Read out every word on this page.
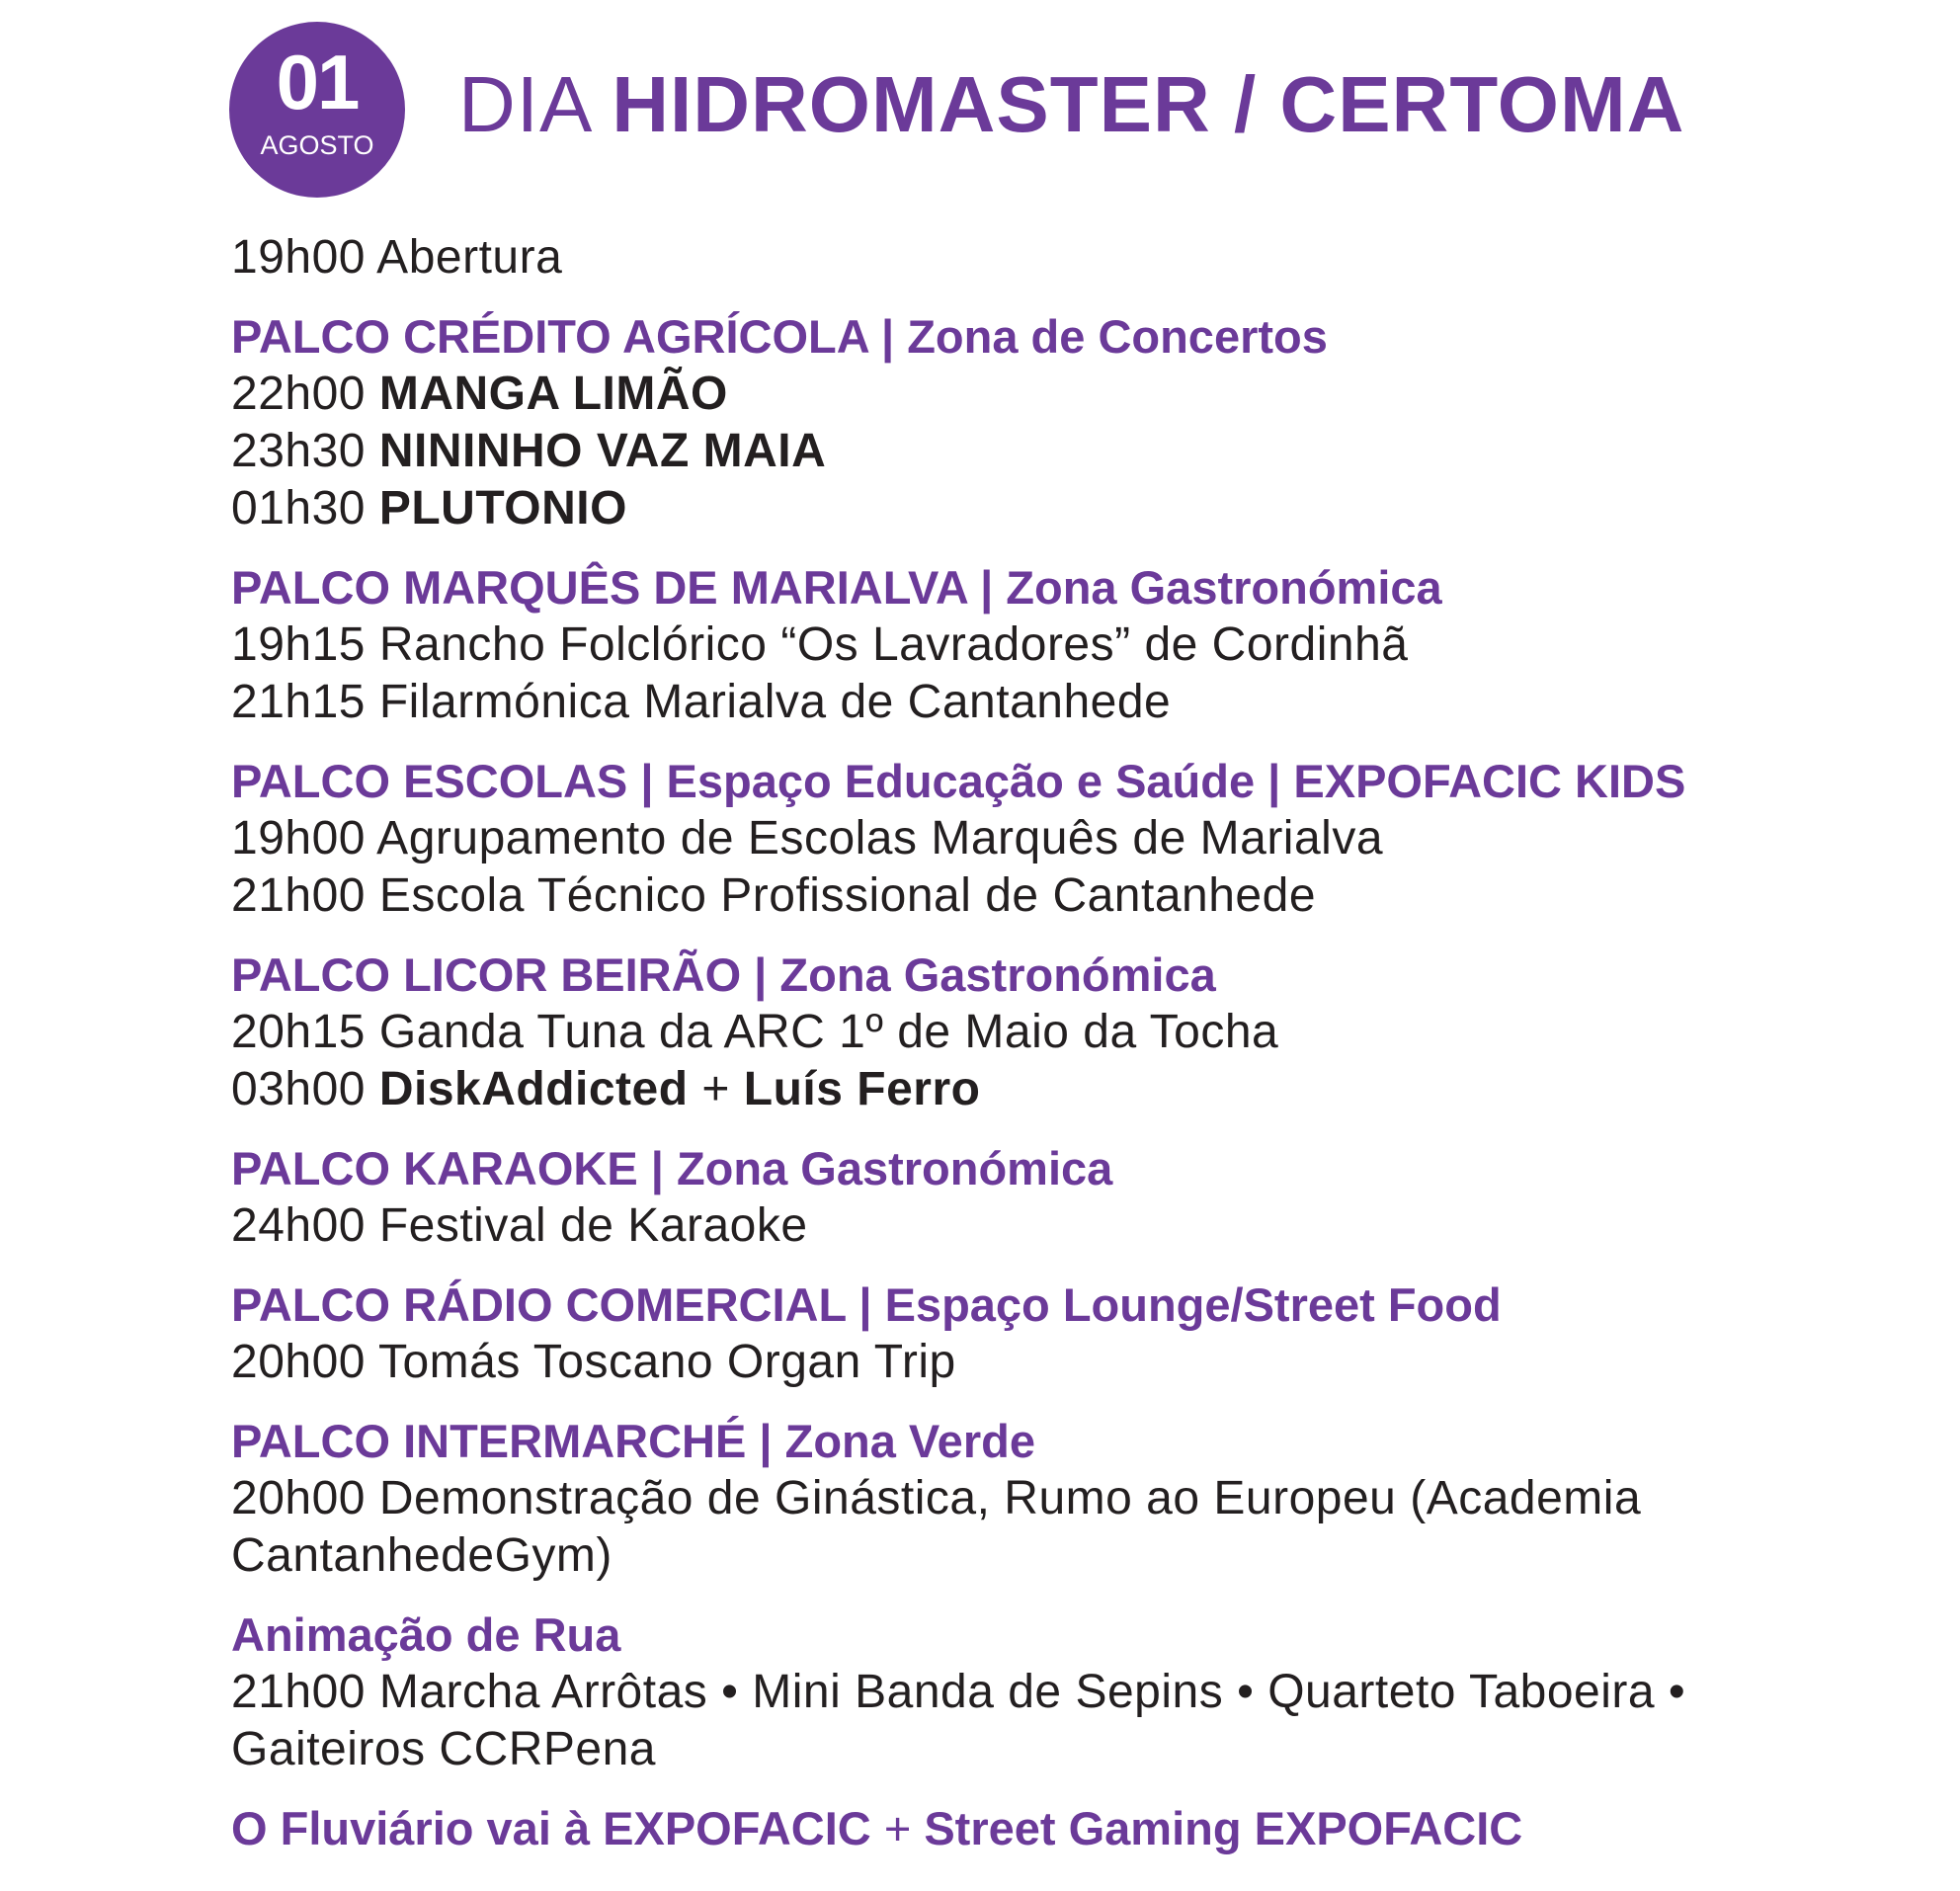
01
AGOSTO	DIA HIDROMASTER / CERTOMA
19h00 Abertura
PALCO CRÉDITO AGRÍCOLA | Zona de Concertos
22h00 MANGA LIMÃO
23h30 NININHO VAZ MAIA
01h30 PLUTONIO
PALCO MARQUÊS DE MARIALVA | Zona Gastronómica
19h15 Rancho Folclórico “Os Lavradores” de Cordinhã
21h15 Filarmónica Marialva de Cantanhede
PALCO ESCOLAS | Espaço Educação e Saúde | EXPOFACIC KIDS
19h00 Agrupamento de Escolas Marquês de Marialva
21h00 Escola Técnico Profissional de Cantanhede
PALCO LICOR BEIRÃO | Zona Gastronómica
20h15 Ganda Tuna da ARC 1º de Maio da Tocha
03h00 DiskAddicted + Luís Ferro
PALCO KARAOKE | Zona Gastronómica
24h00 Festival de Karaoke
PALCO RÁDIO COMERCIAL | Espaço Lounge/Street Food
20h00 Tomás Toscano Organ Trip
PALCO INTERMARCHÉ | Zona Verde
20h00 Demonstração de Ginástica, Rumo ao Europeu (Academia CantanhedeGym)
Animação de Rua
21h00 Marcha Arrôtas • Mini Banda de Sepins • Quarteto Taboeira • Gaiteiros CCRPena
O Fluviário vai à EXPOFACIC + Street Gaming EXPOFACIC
